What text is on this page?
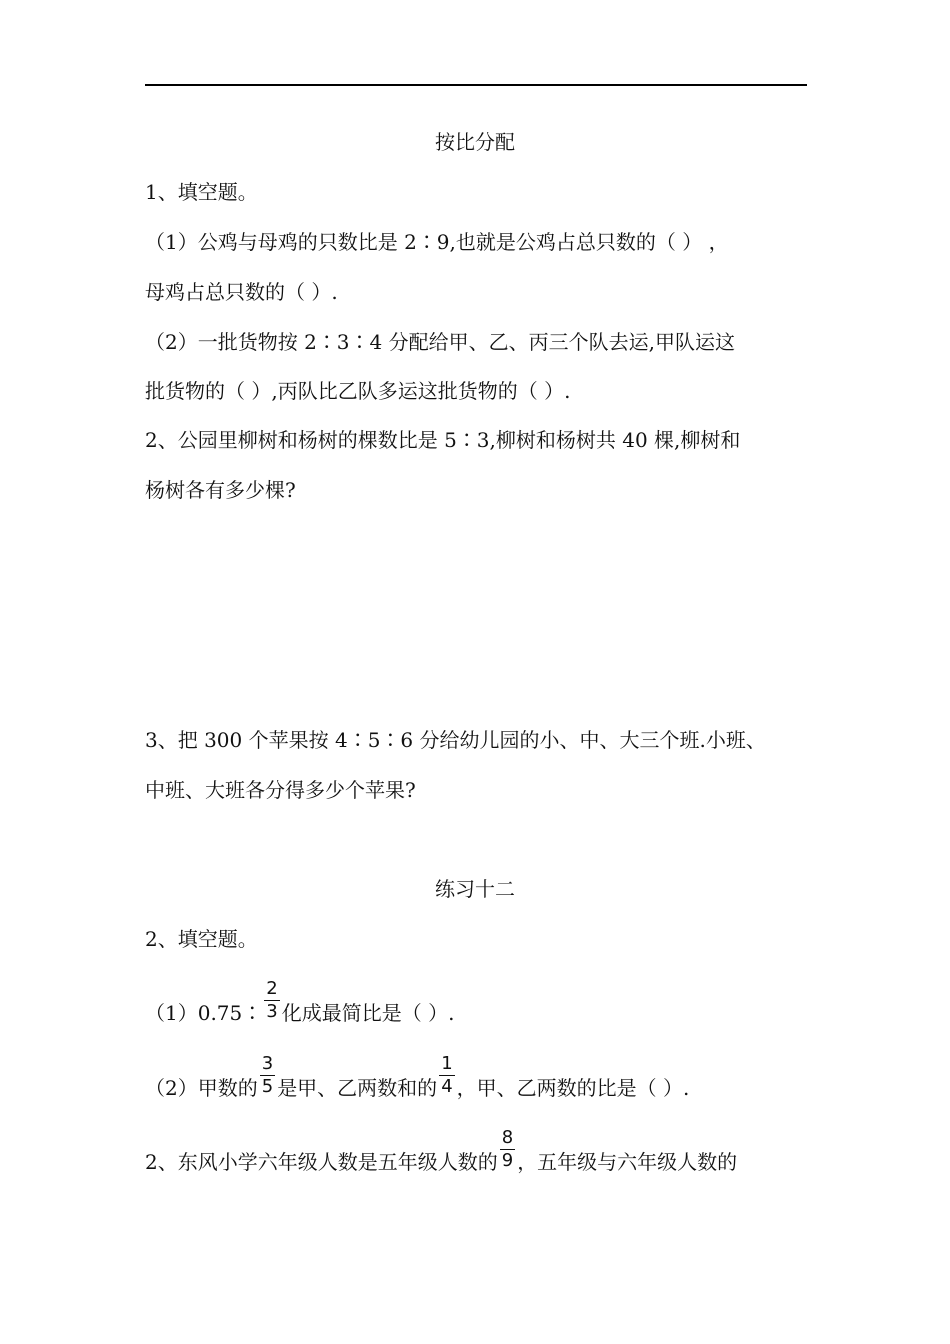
按比分配
1、填空题。
（1）公鸡与母鸡的只数比是 2∶9,也就是公鸡占总只数的（ ） ，
母鸡占总只数的（ ）.
（2）一批货物按 2∶3∶4 分配给甲、乙、丙三个队去运,甲队运这
批货物的（ ）,丙队比乙队多运这批货物的（ ）.
2、公园里柳树和杨树的棵数比是 5∶3,柳树和杨树共 40 棵,柳树和
杨树各有多少棵?
3、把 300 个苹果按 4∶5∶6 分给幼儿园的小、中、大三个班.小班、
中班、大班各分得多少个苹果?
练习十二
2、填空题。
（1）0.75∶ $\frac{2}{3}$ 化成最简比是（ ）.
（2）甲数的 $\frac{3}{5}$ 是甲、乙两数和的 $\frac{1}{4}$ ，甲、乙两数的比是（ ）.
2、东风小学六年级人数是五年级人数的 $\frac{8}{9}$ ，五年级与六年级人数的
